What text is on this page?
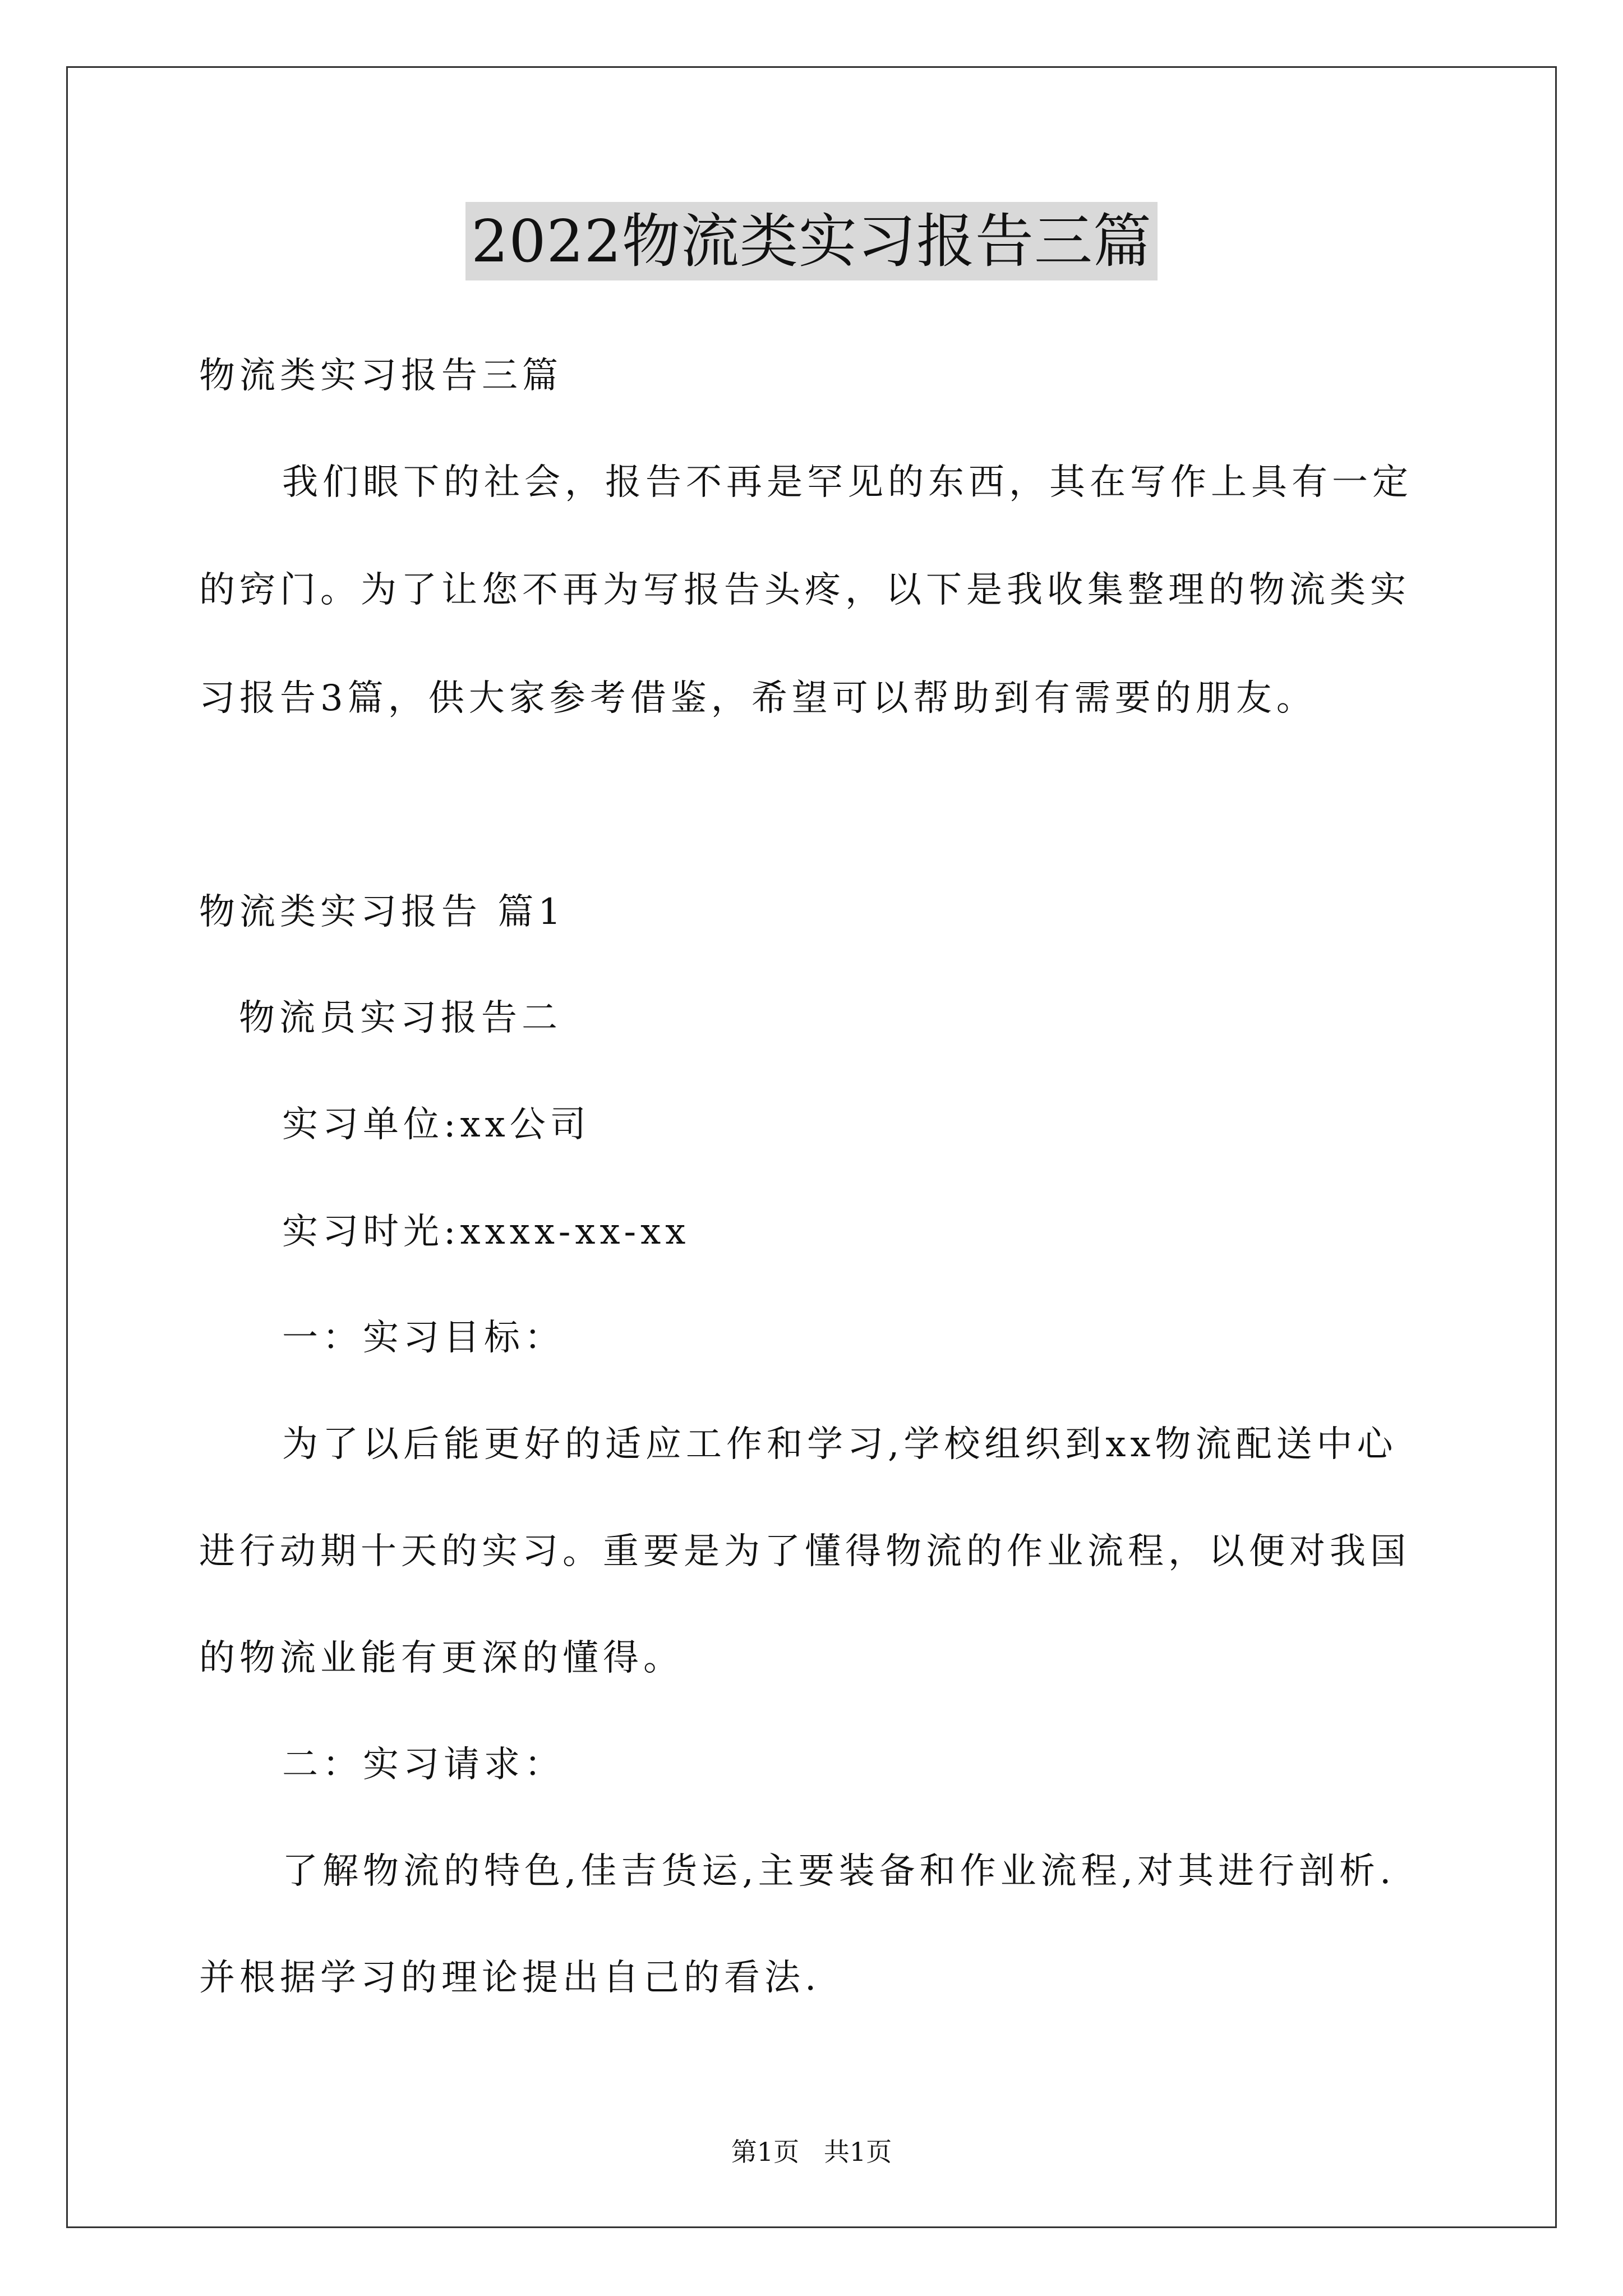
2022物流类实习报告三篇
物流类实习报告三篇
我们眼下的社会，报告不再是罕见的东西，其在写作上具有一定
的窍门。为了让您不再为写报告头疼，以下是我收集整理的物流类实
习报告3篇，供大家参考借鉴，希望可以帮助到有需要的朋友。
物流类实习报告 篇1
物流员实习报告二
实习单位:xx公司
实习时光:xxxx-xx-xx
一：实习目标：
为了以后能更好的适应工作和学习,学校组织到xx物流配送中心
进行动期十天的实习。重要是为了懂得物流的作业流程，以便对我国
的物流业能有更深的懂得。
二：实习请求：
了解物流的特色,佳吉货运,主要装备和作业流程,对其进行剖析.
并根据学习的理论提出自己的看法.
第1页   共1页
